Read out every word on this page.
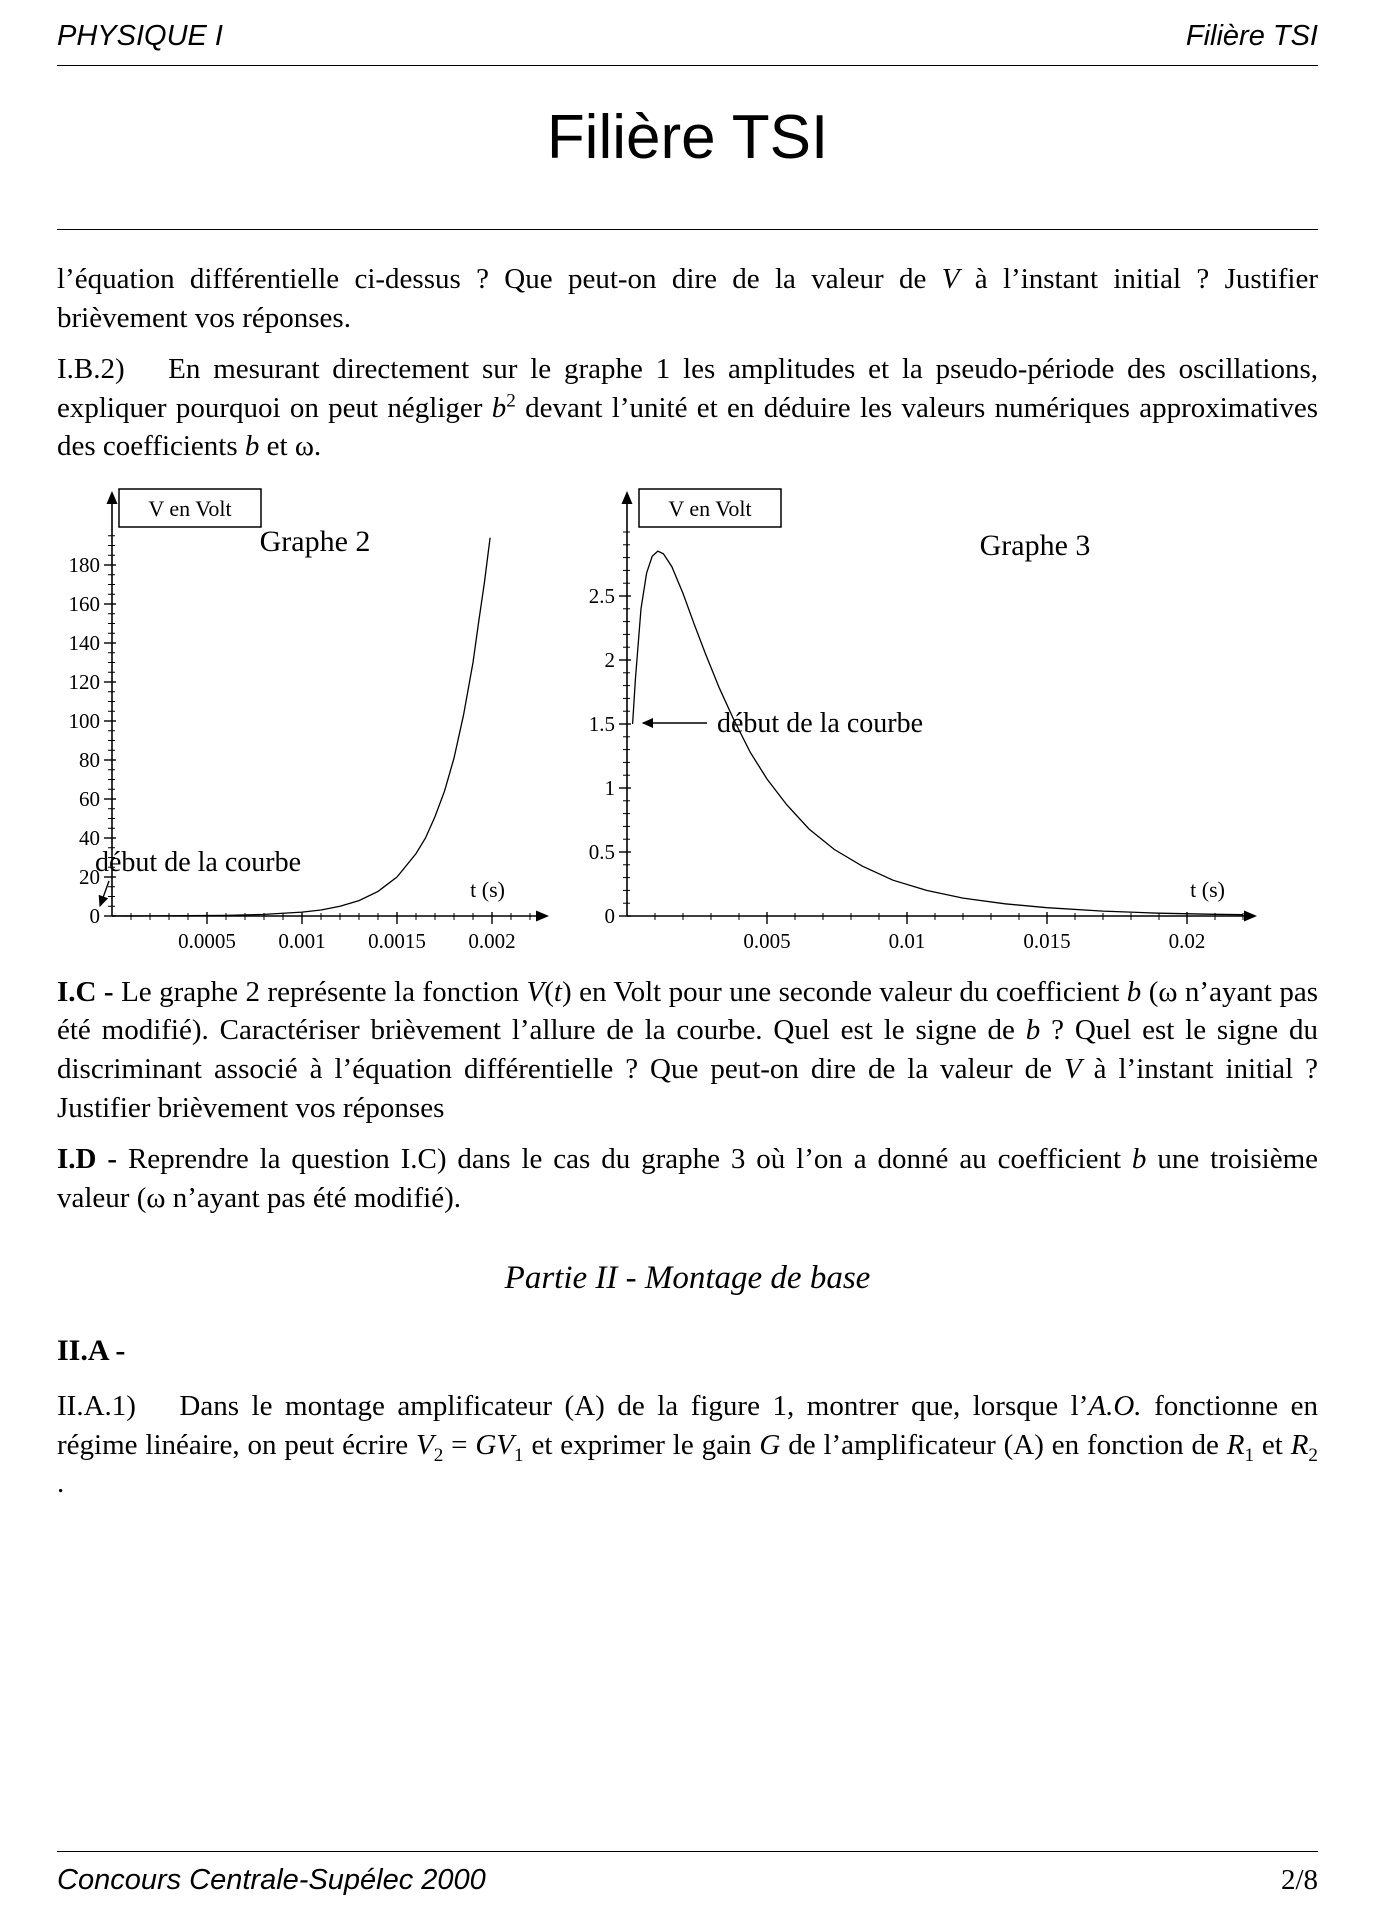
PHYSIQUE I	Filière TSI
Filière TSI

l’équation différentielle ci-dessus ? Que peut-on dire de la valeur de V à l’instant initial ? Justifier brièvement vos réponses.

I.B.2)   En mesurant directement sur le graphe 1 les amplitudes et la pseudo-période des oscillations, expliquer pourquoi on peut négliger $b^2$ devant l’unité et en déduire les valeurs numériques approximatives des coefficients b et ω.

0.0005 0.001 0.0015 0.002
0
20
40
60
80
100
120
140
160
180
V en Volt
Graphe 2
t (s)
début de la courbe
0.005	0.01	0.015	0.02
0
0.5
1
1.5
2
2.5
V en Volt
Graphe 3
t (s)
début de la courbe

I.C - Le graphe 2 représente la fonction V(t) en Volt pour une seconde valeur du coefficient b (ω n’ayant pas été modifié). Caractériser brièvement l’allure de la courbe. Quel est le signe de b ? Quel est le signe du discriminant associé à l’équation différentielle ? Que peut-on dire de la valeur de V à l’instant initial ? Justifier brièvement vos réponses

I.D - Reprendre la question I.C) dans le cas du graphe 3 où l’on a donné au coefficient b une troisième valeur (ω n’ayant pas été modifié).

Partie II - Montage de base

II.A -

II.A.1)   Dans le montage amplificateur (A) de la figure 1, montrer que, lorsque l’A.O. fonctionne en régime linéaire, on peut écrire $V_2 = GV_1$ et exprimer le gain G de l’amplificateur (A) en fonction de $R_1$ et $R_2$ .

Concours Centrale-Supélec 2000	2/8
